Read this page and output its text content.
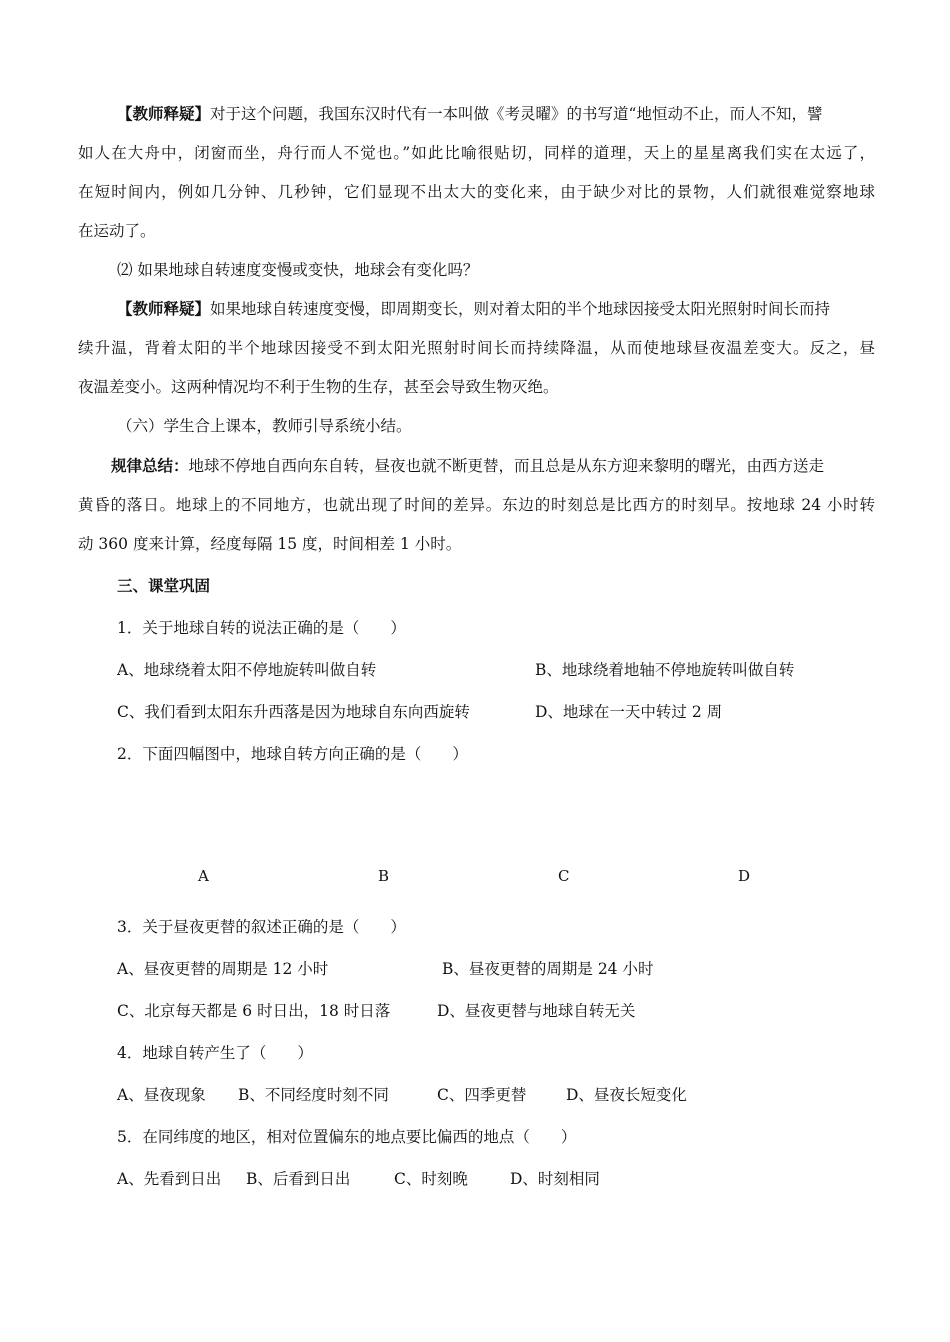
【教师释疑】对于这个问题，我国东汉时代有一本叫做《考灵曜》的书写道“地恒动不止，而人不知，譬
如人在大舟中，闭窗而坐，舟行而人不觉也。”如此比喻很贴切，同样的道理，天上的星星离我们实在太远了，
在短时间内，例如几分钟、几秒钟，它们显现不出太大的变化来，由于缺少对比的景物，人们就很难觉察地球
在运动了。
⑵ 如果地球自转速度变慢或变快，地球会有变化吗？
【教师释疑】如果地球自转速度变慢，即周期变长，则对着太阳的半个地球因接受太阳光照射时间长而持
续升温，背着太阳的半个地球因接受不到太阳光照射时间长而持续降温，从而使地球昼夜温差变大。反之，昼
夜温差变小。这两种情况均不利于生物的生存，甚至会导致生物灭绝。
（六）学生合上课本，教师引导系统小结。
规律总结：地球不停地自西向东自转，昼夜也就不断更替，而且总是从东方迎来黎明的曙光，由西方送走
黄昏的落日。地球上的不同地方，也就出现了时间的差异。东边的时刻总是比西方的时刻早。按地球 24 小时转
动 360 度来计算，经度每隔 15 度，时间相差 1 小时。
三、课堂巩固
1．关于地球自转的说法正确的是（　　）
A、地球绕着太阳不停地旋转叫做自转	B、地球绕着地轴不停地旋转叫做自转
C、我们看到太阳东升西落是因为地球自东向西旋转	D、地球在一天中转过 2 周
2．下面四幅图中，地球自转方向正确的是（　　）
A	B	C	D
3．关于昼夜更替的叙述正确的是（　　）
A、昼夜更替的周期是 12 小时	B、昼夜更替的周期是 24 小时
C、北京每天都是 6 时日出，18 时日落	D、昼夜更替与地球自转无关
4．地球自转产生了（　　）
A、昼夜现象 B、不同经度时刻不同	C、四季更替	D、昼夜长短变化
5．在同纬度的地区，相对位置偏东的地点要比偏西的地点（　　）
A、先看到日出 B、后看到日出	C、时刻晚	D、时刻相同
